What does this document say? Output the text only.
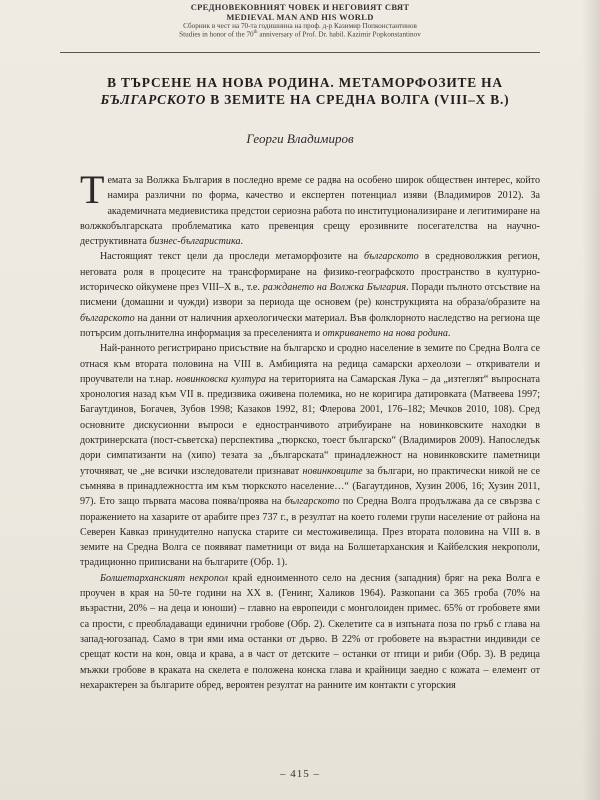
СРЕДНОВЕКОВНИЯТ ЧОВЕК И НЕГОВИЯТ СВЯТ
MEDIEVAL MAN AND HIS WORLD
Сборник в чест на 70-та годишнина на проф. д-р Казимир Попконстантинов
Studies in honor of the 70th anniversary of Prof. Dr. habil. Kazimir Popkonstantinov
В ТЪРСЕНЕ НА НОВА РОДИНА. МЕТАМОРФОЗИТЕ НА
БЪЛГАРСКОТО В ЗЕМИТЕ НА СРЕДНА ВОЛГА (VIII–X В.)
Георги Владимиров

Темата за Волжка България в последно време се радва на особено широк обществен интерес, който намира различни по форма, качество и експертен потенциал изяви (Владимиров 2012). За академичната медиевистика предстои сериозна работа по институционализиране и легитимиране на волжкобългарската проблематика като превенция срещу ерозивните посегателства на научно-деструктивната бизнес-българистика.

Настоящият текст цели да проследи метаморфозите на българското в средноволжкия регион, неговата роля в процесите на трансформиране на физико-географското пространство в културно-историческо ойкумене през VIII–X в., т.е. раждането на Волжка България. Поради пълното отсъствие на писмени (домашни и чужди) извори за периода ще основем (ре) конструкцията на образа/образите на българското на данни от наличния археологически материал. Във фолклорното наследство на региона ще потърсим допълнителна информация за преселенията и откриването на нова родина.

Най-ранното регистрирано присъствие на българско и сродно население в земите по Средна Волга се отнася към втората половина на VIII в. Амбицията на редица самарски археолози – откриватели и проучватели на т.нар. новинковска култура на територията на Самарская Лука – да „изтеглят“ въпросната хронология назад към VII в. предизвика оживена полемика, но не коригира датировката (Матвеева 1997; Багаутдинов, Богачев, Зубов 1998; Казаков 1992, 81; Флерова 2001, 176–182; Мечков 2010, 108). Сред основните дискусионни въпроси е едностранчивото атрибуиране на новинковските находки в доктринерската (пост-съветска) перспектива „тюркско, тоест българско“ (Владимиров 2009). Напоследък дори симпатизанти на (хипо) тезата за „българската“ принадлежност на новинковските паметници уточняват, че „не всички изследователи признават новинковците за българи, но практически никой не се съмнява в принадлежността им към тюркското население…“ (Багаутдинов, Хузин 2006, 16; Хузин 2011, 97). Ето защо първата масова поява/проява на българското по Средна Волга продължава да се свързва с поражението на хазарите от арабите през 737 г., в резултат на което големи групи население от района на Северен Кавказ принудително напуска старите си местоживелища. През втората половина на VIII в. в земите на Средна Волга се появяват паметници от вида на Болшетарханския и Кайбелския некрополи, традиционно приписвани на българите (Обр. 1).

Болшетарханският некропол край едноименното село на десния (западния) бряг на река Волга е проучен в края на 50-те години на XX в. (Генинг, Халиков 1964). Разкопани са 365 гроба (70% на възрастни, 20% – на деца и юноши) – главно на европеиди с монголоиден примес. 65% от гробовете ями са прости, с преобладаващи единични гробове (Обр. 2). Скелетите са в изпъната поза по гръб с глава на запад-югозапад. Само в три ями има останки от дърво. В 22% от гробовете на възрастни индивиди се срещат кости на кон, овца и крава, а в част от детските – останки от птици и риби (Обр. 3). В редица мъжки гробове в краката на скелета е положена конска глава и крайници заедно с кожата – елемент от нехарактерен за българите обред, вероятен резултат на ранните им контакти с угорския

– 415 –
